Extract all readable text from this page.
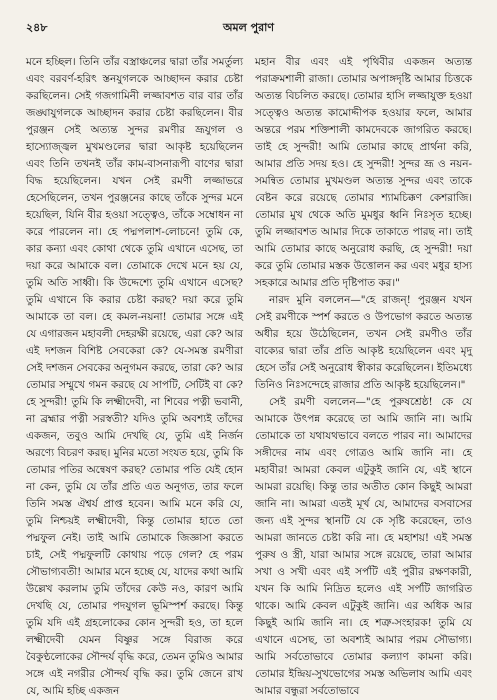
২৪৮	অমল পুরাণ

মনে হচ্ছিল। তিনি তাঁর বস্ত্রাঞ্চলের দ্বারা তাঁর সমর্তুল্য এবং বরবর্ণ-হরিৎ স্তনযুগলকে আচ্ছাদন করার চেষ্টা করছিলেন। সেই গজগামিনী লজ্জাবশত বার বার তাঁর জঙ্ঘাযুগলকে আচ্ছাদন করার চেষ্টা করছিলেন। বীর পুরঞ্জন সেই অত্যন্ত সুন্দর রমণীর ভ্রূযুগল ও হাস্যোজ্জ্বল মুখমণ্ডলের দ্বারা আকৃষ্ট হয়েছিলেন এবং তিনি তখনই তাঁর কাম-বাসনারূপী বাণের দ্বারা বিদ্ধ হয়েছিলেন। যখন সেই রমণী লজ্জাভরে হেসেছিলেন, তখন পুরঞ্জনের কাছে তাঁকে সুন্দর মনে হয়েছিল, যিনি বীর হওয়া সত্ত্বেও, তাঁকে সম্বোধন না করে পারলেন না। হে পদ্মপলাশ-লোচনে! তুমি কে, কার কন্যা এবং কোথা থেকে তুমি এখানে এসেছ, তা দয়া করে আমাকে বল। তোমাকে দেখে মনে হয় যে, তুমি অতি সাধ্বী। কি উদ্দেশ্যে তুমি এখানে এসেছ? তুমি এখানে কি করার চেষ্টা করছ? দয়া করে তুমি আমাকে তা বল। হে কমল-নয়না! তোমার সঙ্গে এই যে এগারজন মহাবলী দেহরক্ষী রয়েছে, এরা কে? আর এই দশজন বিশিষ্ট সেবকেরা কে? যে-সমস্ত রমণীরা সেই দশজন সেবকের অনুগমন করছে, তারা কে? আর তোমার সম্মুখে গমন করছে যে সাপটি, সেটিই বা কে? হে সুন্দরী! তুমি কি লক্ষ্মীদেবী, না শিবের পত্নী ভবানী, না ব্রহ্মার পত্নী সরস্বতী? যদিও তুমি অবশ্যই তাঁদের একজন, তবুও আমি দেখছি যে, তুমি এই নির্জন অরণ্যে বিচরণ করছ। মুনির মতো সংযত হয়ে, তুমি কি তোমার পতির অন্বেষণ করছ? তোমার পতি যেই হোন না কেন, তুমি যে তাঁর প্রতি এত অনুগত, তার ফলে তিনি সমস্ত ঐশ্বর্য প্রাপ্ত হবেন। আমি মনে করি যে, তুমি নিশ্চয়ই লক্ষ্মীদেবী, কিন্তু তোমার হাতে তো পদ্মফুল নেই। তাই আমি তোমাকে জিজ্ঞাসা করতে চাই, সেই পদ্মফুলটি কোথায় পড়ে গেল? হে পরম সৌভাগ্যবতী! আমার মনে হচ্ছে যে, যাদের কথা আমি উল্লেখ করলাম তুমি তাঁদের কেউ নও, কারণ আমি দেখছি যে, তোমার পদযুগল ভূমিস্পর্শ করছে। কিন্তু তুমি যদি এই গ্রহলোকের কোন সুন্দরী হও, তা হলে লক্ষ্মীদেবী যেমন বিষ্ণুর সঙ্গে বিরাজ করে বৈকুণ্ঠলোকের সৌন্দর্য বৃদ্ধি করে, তেমন তুমিও আমার সঙ্গে এই নগরীর সৌন্দর্য বৃদ্ধি কর। তুমি জেনে রাখ যে, আমি হচ্ছি একজন

মহান বীর এবং এই পৃথিবীর একজন অত্যন্ত পরাক্রমশালী রাজা। তোমার অপাঙ্গদৃষ্টি আমার চিত্তকে অত্যন্ত বিচলিত করছে। তোমার হাসি লজ্জাযুক্ত হওয়া সত্ত্বেও অত্যন্ত কামোদ্দীপক হওয়ার ফলে, আমার অন্তরে পরম শক্তিশালী কামদেবকে জাগরিত করছে। তাই হে সুন্দরী! আমি তোমার কাছে প্রার্থনা করি, আমার প্রতি সদয় হও। হে সুন্দরী! সুন্দর ভ্রূ ও নয়ন-সমন্বিত তোমার মুখমণ্ডল অত্যন্ত সুন্দর এবং তাকে বেষ্টন করে রয়েছে তোমার শ্যামচিক্কণ কেশরাজি। তোমার মুখ থেকে অতি মুমধুর ধ্বনি নিঃসৃত হচ্ছে। তুমি লজ্জাবশত আমার দিকে তাকাতে পারছ না। তাই আমি তোমার কাছে অনুরোধ করছি, হে সুন্দরী! দয়া করে তুমি তোমার মস্তক উত্তোলন কর এবং মধুর হাস্য সহকারে আমার প্রতি দৃষ্টিপাত কর।"

নারদ মুনি বললেন—"হে রাজন্! পুরঞ্জন যখন সেই রমণীকে স্পর্শ করতে ও উপভোগ করতে অত্যন্ত অধীর হয়ে উঠেছিলেন, তখন সেই রমণীও তাঁর বাক্যের দ্বারা তাঁর প্রতি আকৃষ্ট হয়েছিলেন এবং মৃদু হেসে তাঁর সেই অনুরোধ স্বীকার করেছিলেন। ইতিমধ্যে তিনিও নিঃসন্দেহে রাজার প্রতি আকৃষ্ট হয়েছিলেন।"

সেই রমণী বললেন—"হে পুরুষশ্রেষ্ঠ! কে যে আমাকে উৎপন্ন করেছে তা আমি জানি না। আমি তোমাকে তা যথাযথভাবে বলতে পারব না। আমাদের সঙ্গীদের নাম এবং গোত্রও আমি জানি না। হে মহাবীর! আমরা কেবল এটুকুই জানি যে, এই স্থানে আমরা রয়েছি। কিন্তু তার অতীত কোন কিছুই আমরা জানি না। আমরা এতই মূর্খ যে, আমাদের বসবাসের জন্য এই সুন্দর স্থানটি যে কে সৃষ্টি করেছেন, তাও আমরা জানতে চেষ্টা করি না। হে মহাশয়! এই সমস্ত পুরুষ ও স্ত্রী, যারা আমার সঙ্গে রয়েছে, তারা আমার সখা ও সখী এবং এই সর্পটি এই পুরীর রক্ষণকারী, যখন কি আমি নিদ্রিত হলেও এই সর্পটি জাগরিত থাকে। আমি কেবল এটুকুই জানি। এর অধিক আর কিছুই আমি জানি না। হে শত্রু-সংহারক! তুমি যে এখানে এসেছ, তা অবশ্যই আমার পরম সৌভাগ্য। আমি সর্বতোভাবে তোমার কল্যাণ কামনা করি। তোমার ইন্দ্রিয়-সুখভোগের সমস্ত অভিলাষ আমি এবং আমার বন্ধুরা সর্বতোভাবে
